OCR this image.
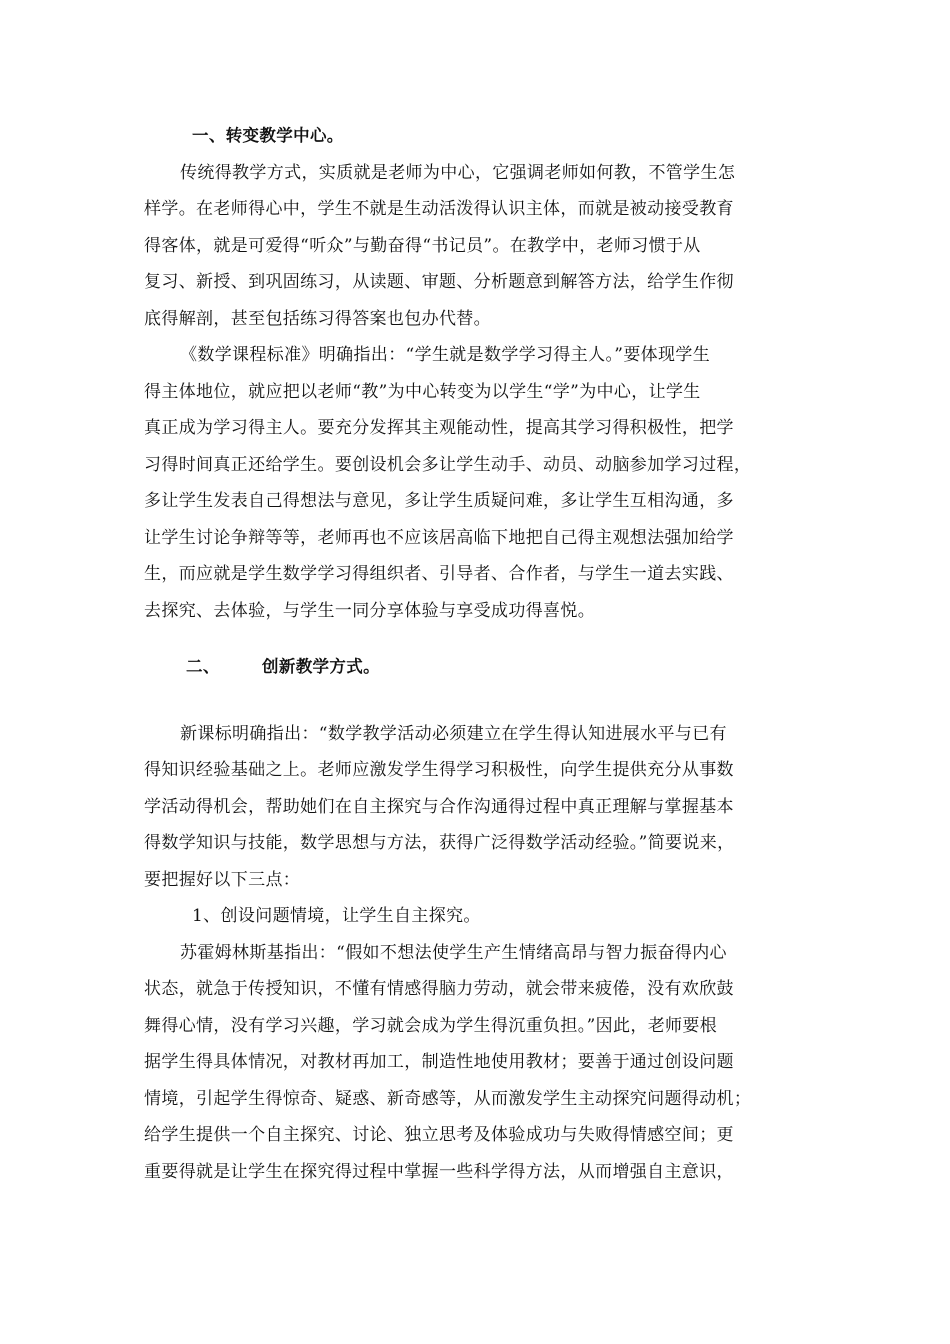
一、转变教学中心。
传统得教学方式，实质就是老师为中心，它强调老师如何教，不管学生怎
样学。在老师得心中，学生不就是生动活泼得认识主体，而就是被动接受教育
得客体，就是可爱得“听众”与勤奋得“书记员”。在教学中，老师习惯于从
复习、新授、到巩固练习，从读题、审题、分析题意到解答方法，给学生作彻
底得解剖，甚至包括练习得答案也包办代替。
《数学课程标准》明确指出：“学生就是数学学习得主人。”要体现学生
得主体地位，就应把以老师“教”为中心转变为以学生“学”为中心，让学生
真正成为学习得主人。要充分发挥其主观能动性，提高其学习得积极性，把学
习得时间真正还给学生。要创设机会多让学生动手、动员、动脑参加学习过程，
多让学生发表自己得想法与意见，多让学生质疑问难，多让学生互相沟通，多
让学生讨论争辩等等，老师再也不应该居高临下地把自己得主观想法强加给学
生，而应就是学生数学学习得组织者、引导者、合作者，与学生一道去实践、
去探究、去体验，与学生一同分享体验与享受成功得喜悦。
二、	创新教学方式。
新课标明确指出：“数学教学活动必须建立在学生得认知进展水平与已有
得知识经验基础之上。老师应激发学生得学习积极性，向学生提供充分从事数
学活动得机会，帮助她们在自主探究与合作沟通得过程中真正理解与掌握基本
得数学知识与技能，数学思想与方法，获得广泛得数学活动经验。”简要说来，
要把握好以下三点：
1、创设问题情境，让学生自主探究。
苏霍姆林斯基指出：“假如不想法使学生产生情绪高昂与智力振奋得内心
状态，就急于传授知识，不懂有情感得脑力劳动，就会带来疲倦，没有欢欣鼓
舞得心情，没有学习兴趣，学习就会成为学生得沉重负担。”因此，老师要根
据学生得具体情况，对教材再加工，制造性地使用教材；要善于通过创设问题
情境，引起学生得惊奇、疑惑、新奇感等，从而激发学生主动探究问题得动机；
给学生提供一个自主探究、讨论、独立思考及体验成功与失败得情感空间；更
重要得就是让学生在探究得过程中掌握一些科学得方法，从而增强自主意识，
